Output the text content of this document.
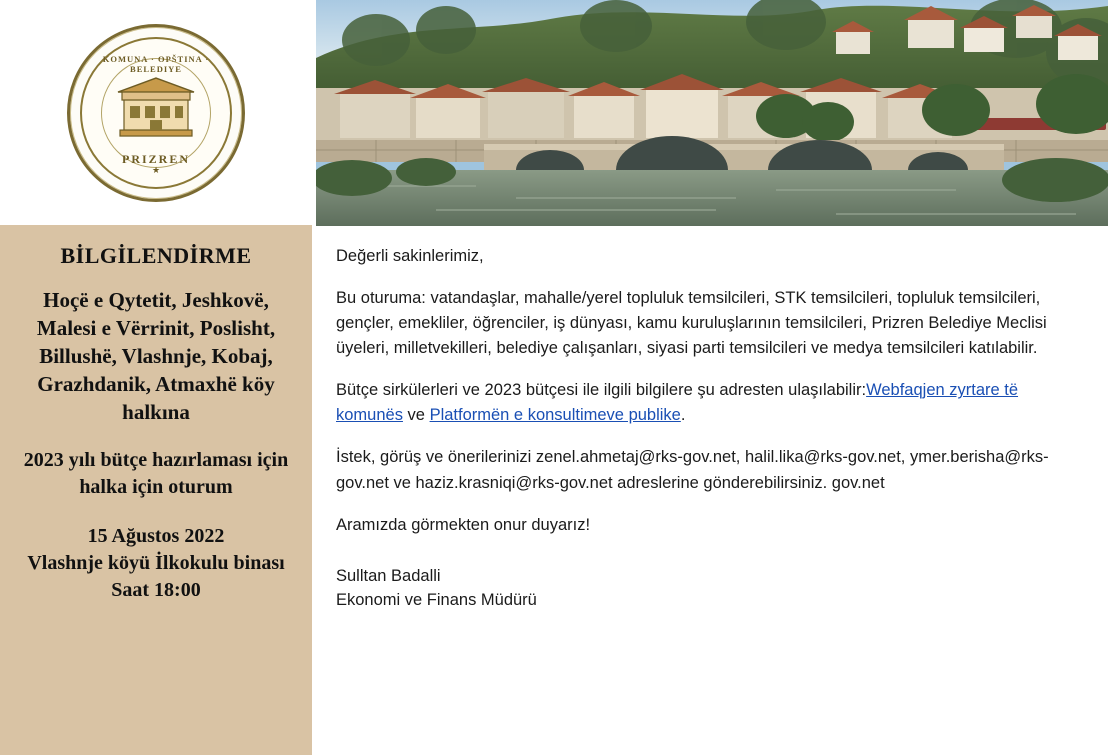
KOMUNA · OPŠTINA · BELEDIYE
PRIZREN
★
BİLGİLENDİRME
Hoçë e Qytetit, Jeshkovë, Malesi e Vërrinit, Poslisht, Billushë, Vlashnje, Kobaj, Grazhdanik, Atmaxhë köy halkına
2023 yılı bütçe hazırlaması için halka için oturum
15 Ağustos 2022
Vlashnje köyü İlkokulu binası
Saat 18:00

Değerli sakinlerimiz,

Bu oturuma: vatandaşlar, mahalle/yerel topluluk temsilcileri, STK temsilcileri, topluluk temsilcileri, gençler, emekliler, öğrenciler, iş dünyası, kamu kuruluşlarının temsilcileri, Prizren Belediye Meclisi üyeleri, milletvekilleri, belediye çalışanları, siyasi parti temsilcileri ve medya temsilcileri katılabilir.

Bütçe sirkülerleri ve 2023 bütçesi ile ilgili bilgilere şu adresten ulaşılabilir:Webfaqjen zyrtare të komunës ve Platformën e konsultimeve publike.

İstek, görüş ve önerilerinizi zenel.ahmetaj@rks-gov.net, halil.lika@rks-gov.net, ymer.berisha@rks-gov.net ve haziz.krasniqi@rks-gov.net adreslerine gönderebilirsiniz. gov.net

Aramızda görmekten onur duyarız!

Sulltan Badalli
Ekonomi ve Finans Müdürü
